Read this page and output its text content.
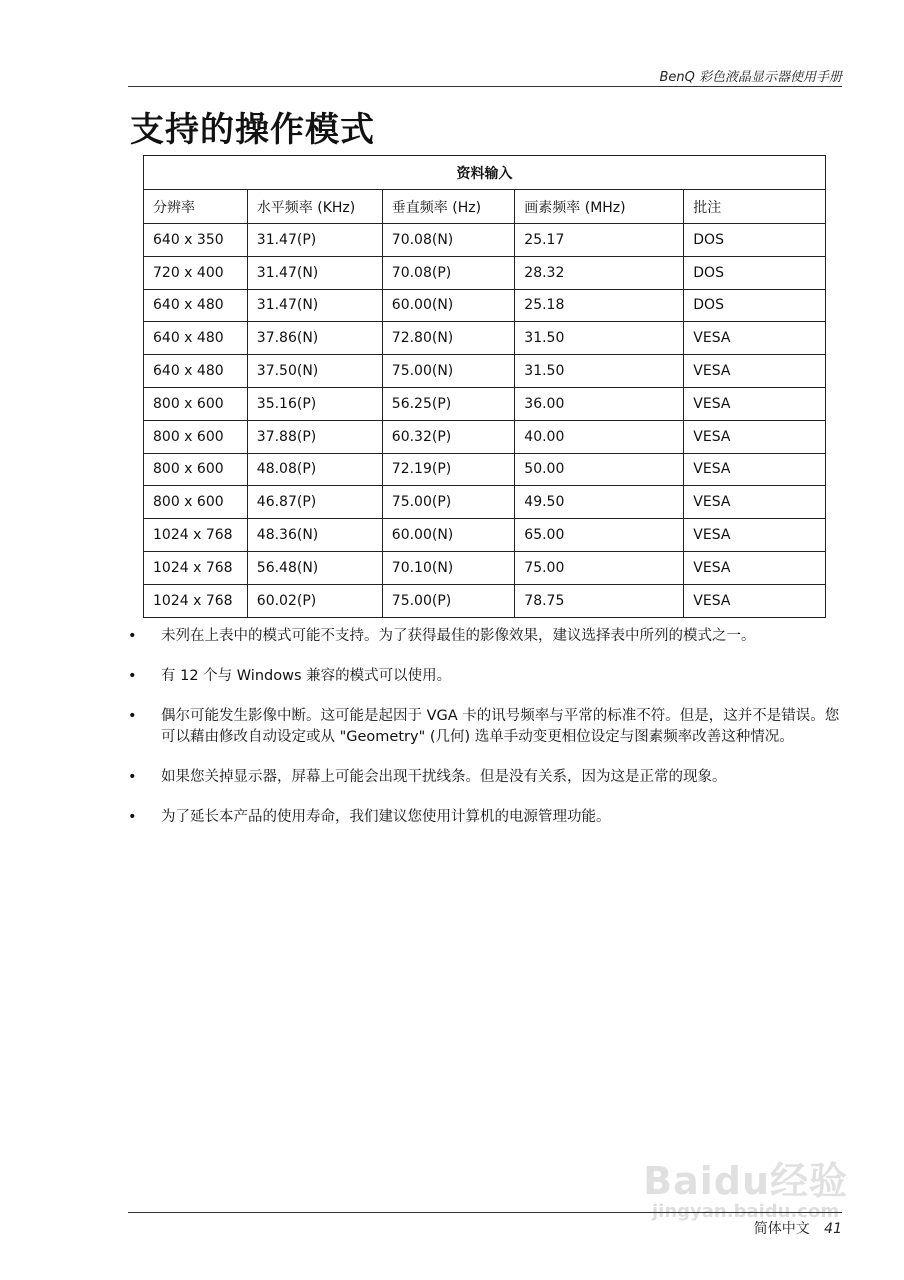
BenQ 彩色液晶显示器使用手册
支持的操作模式
资料输入				
分辨率	水平频率 (KHz)	垂直频率 (Hz)	画素频率 (MHz)	批注
640 x 350	31.47(P)	70.08(N)	25.17	DOS
720 x 400	31.47(N)	70.08(P)	28.32	DOS
640 x 480	31.47(N)	60.00(N)	25.18	DOS
640 x 480	37.86(N)	72.80(N)	31.50	VESA
640 x 480	37.50(N)	75.00(N)	31.50	VESA
800 x 600	35.16(P)	56.25(P)	36.00	VESA
800 x 600	37.88(P)	60.32(P)	40.00	VESA
800 x 600	48.08(P)	72.19(P)	50.00	VESA
800 x 600	46.87(P)	75.00(P)	49.50	VESA
1024 x 768	48.36(N)	60.00(N)	65.00	VESA
1024 x 768	56.48(N)	70.10(N)	75.00	VESA
1024 x 768	60.02(P)	75.00(P)	78.75	VESA
• 未列在上表中的模式可能不支持。为了获得最佳的影像效果，建议选择表中所列的模式之一。
• 有 12 个与 Windows 兼容的模式可以使用。
• 偶尔可能发生影像中断。这可能是起因于 VGA 卡的讯号频率与平常的标准不符。但是，这并不是错误。您可以藉由修改自动设定或从 "Geometry" (几何) 选单手动变更相位设定与图素频率改善这种情况。
• 如果您关掉显示器，屏幕上可能会出现干扰线条。但是没有关系，因为这是正常的现象。
• 为了延长本产品的使用寿命，我们建议您使用计算机的电源管理功能。
Baidu经验
jingyan.baidu.com
简体中文 41
